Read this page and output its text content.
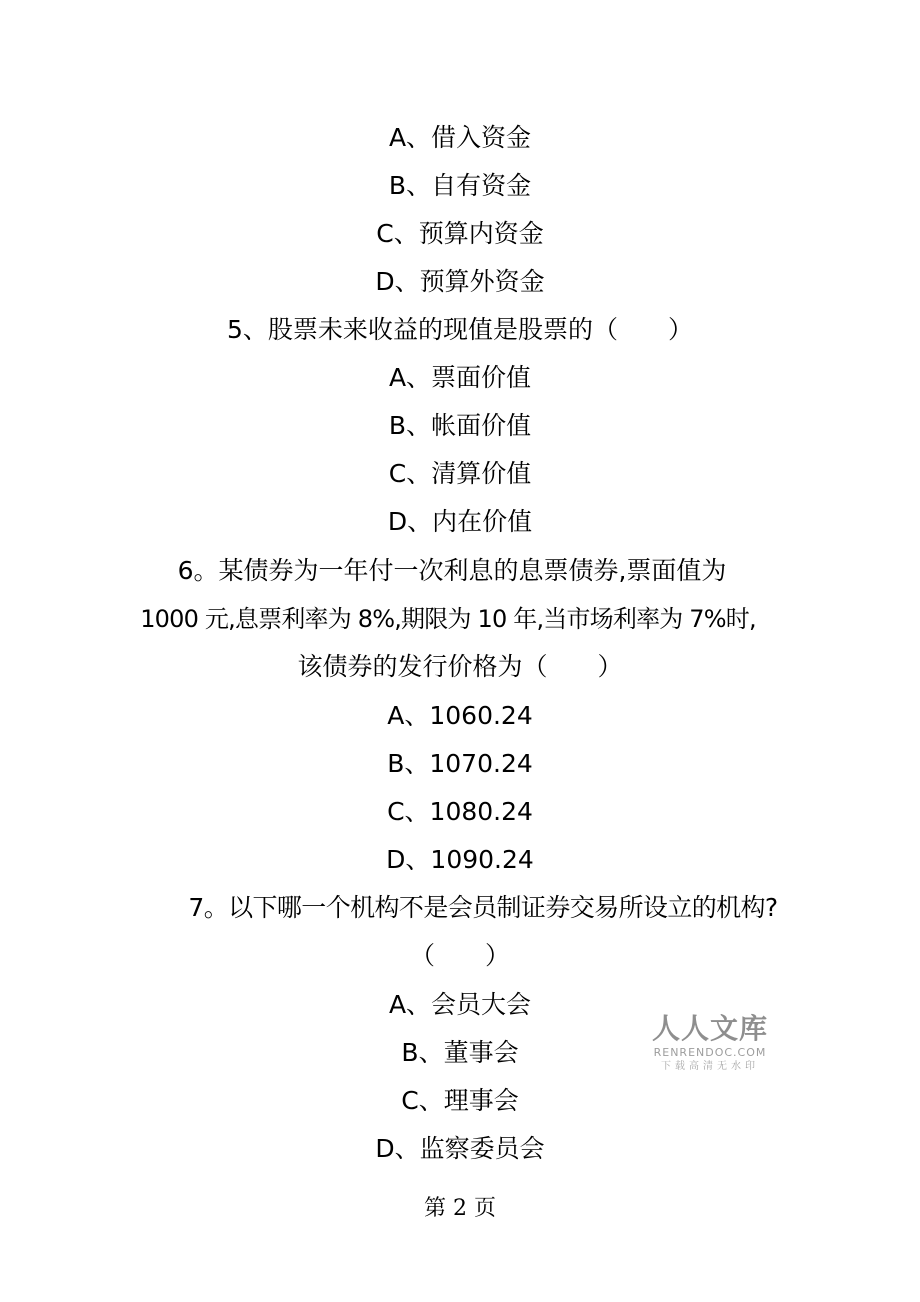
A、借入资金
B、自有资金
C、预算内资金
D、预算外资金
5、股票未来收益的现值是股票的（　　）
A、票面价值
B、帐面价值
C、清算价值
D、内在价值
6。某债券为一年付一次利息的息票债券,票面值为
1000 元,息票利率为 8%,期限为 10 年,当市场利率为 7%时,
该债券的发行价格为（　　）
A、1060.24
B、1070.24
C、1080.24
D、1090.24
7。以下哪一个机构不是会员制证券交易所设立的机构?
（　　）
A、会员大会
B、董事会
C、理事会
D、监察委员会
人人文库
RENRENDOC.COM
下载高清无水印
第 2 页
